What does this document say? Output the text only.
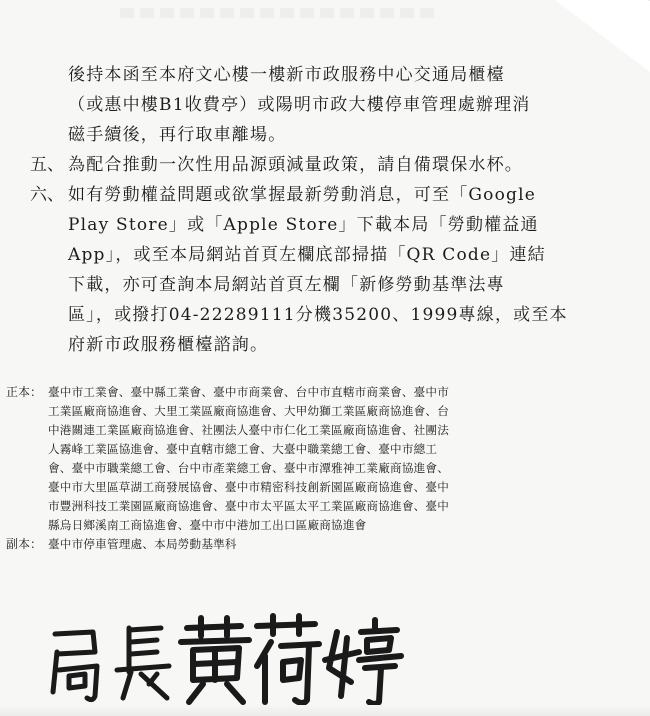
後持本函至本府文心樓一樓新市政服務中心交通局櫃檯
（或惠中樓B1收費亭）或陽明市政大樓停車管理處辦理消
磁手續後，再行取車離場。
五、 為配合推動一次性用品源頭減量政策，請自備環保水杯。
六、 如有勞動權益問題或欲掌握最新勞動消息，可至「Google
Play Store」或「Apple Store」下載本局「勞動權益通
App」，或至本局網站首頁左欄底部掃描「QR Code」連結
下載，亦可查詢本局網站首頁左欄「新修勞動基準法專
區」，或撥打04-22289111分機35200、1999專線，或至本
府新市政服務櫃檯諮詢。
正本： 臺中市工業會、臺中縣工業會、臺中市商業會、台中市直轄市商業會、臺中市
工業區廠商協進會、大里工業區廠商協進會、大甲幼獅工業區廠商協進會、台
中港關連工業區廠商協進會、社團法人臺中市仁化工業區廠商協進會、社團法
人霧峰工業區協進會、臺中直轄市總工會、大臺中職業總工會、臺中市總工
會、臺中市職業總工會、台中市產業總工會、臺中市潭雅神工業廠商協進會、
臺中市大里區草湖工商發展協會、臺中市精密科技創新園區廠商協進會、臺中
市豐洲科技工業園區廠商協進會、臺中市太平區太平工業區廠商協進會、臺中
縣烏日鄉溪南工商協進會、臺中市中港加工出口區廠商協進會
副本： 臺中市停車管理處、本局勞動基準科
